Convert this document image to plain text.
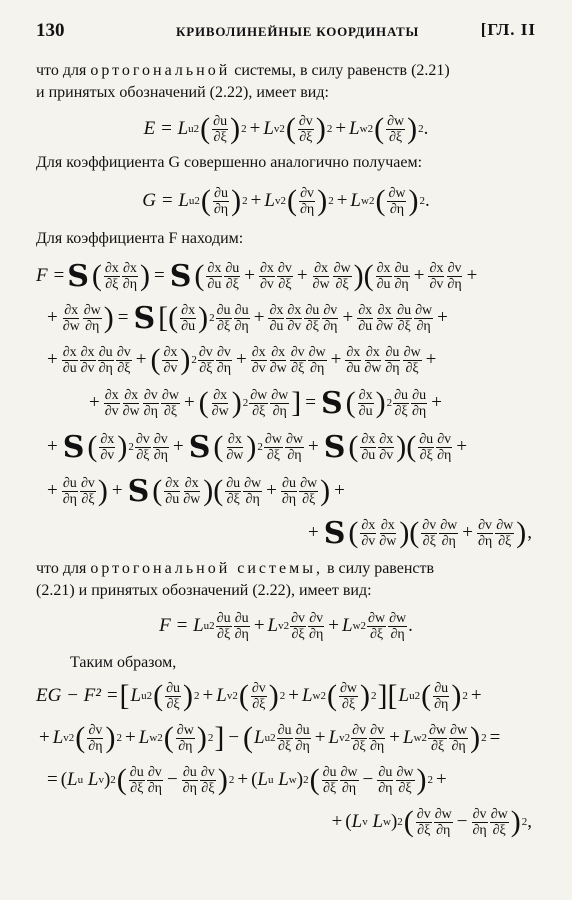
130	КРИВОЛИНЕЙНЫЕ КООРДИНАТЫ	[ГЛ. II
что для ортогональной системы, в силу равенств (2.21)
и принятых обозначений (2.22), имеет вид:
E =
L u 2 ( $\frac{\partial u}{\partial\xi}$ ) 2 + L v 2 ( $\frac{\partial v}{\partial\xi}$ ) 2 + L w 2 ( $\frac{\partial w}{\partial\xi}$ ) 2 .
Для коэффициента G совершенно аналогично получаем:
G =
L u 2 ( $\frac{\partial u}{\partial\eta}$ ) 2 + L v 2 ( $\frac{\partial v}{\partial\eta}$ ) 2 + L w 2 ( $\frac{\partial w}{\partial\eta}$ ) 2 .
Для коэффициента F находим:
F = S ( $\frac{\partial x}{\partial\xi} \frac{\partial x}{\partial\eta}$ ) = S ( $\frac{\partial x}{\partial u} \frac{\partial u}{\partial\xi} + \frac{\partial x}{\partial v} \frac{\partial v}{\partial\xi} + \frac{\partial x}{\partial w} \frac{\partial w}{\partial\xi}$ )( $\frac{\partial x}{\partial u} \frac{\partial u}{\partial\eta} + \frac{\partial x}{\partial v} \frac{\partial v}{\partial\eta}$ +
+ $\frac{\partial x}{\partial w} \frac{\partial w}{\partial\eta}$ ) = S [( $\frac{\partial x}{\partial u}$ ) $2 \frac{\partial u}{\partial\xi} \frac{\partial u}{\partial\eta} + \frac{\partial x}{\partial u} \frac{\partial x}{\partial v} \frac{\partial u}{\partial\xi} \frac{\partial v}{\partial\eta} + \frac{\partial x}{\partial u} \frac{\partial x}{\partial w} \frac{\partial u}{\partial\xi} \frac{\partial w}{\partial\eta}$ +
+ $\frac{\partial x}{\partial u} \frac{\partial x}{\partial v} \frac{\partial u}{\partial\eta} \frac{\partial v}{\partial\xi}$ + ( $\frac{\partial x}{\partial v}$ ) $2 \frac{\partial v}{\partial\xi} \frac{\partial v}{\partial\eta} + \frac{\partial x}{\partial v} \frac{\partial x}{\partial w} \frac{\partial v}{\partial\xi} \frac{\partial w}{\partial\eta} + \frac{\partial x}{\partial u} \frac{\partial x}{\partial w} \frac{\partial u}{\partial\eta} \frac{\partial w}{\partial\xi}$ +
+ $\frac{\partial x}{\partial v} \frac{\partial x}{\partial w} \frac{\partial v}{\partial\eta} \frac{\partial w}{\partial\xi}$ + ( $\frac{\partial x}{\partial w}$ ) $2 \frac{\partial w}{\partial\xi} \frac{\partial w}{\partial\eta}$ ] = S ( $\frac{\partial x}{\partial u}$ ) $2 \frac{\partial u}{\partial\xi} \frac{\partial u}{\partial\eta}$ +
+ S ( $\frac{\partial x}{\partial v}$ ) $2 \frac{\partial v}{\partial\xi} \frac{\partial v}{\partial\eta} + S$ ( $\frac{\partial x}{\partial w}$ ) $2 \frac{\partial w}{\partial\xi} \frac{\partial w}{\partial\eta} + S$ ( $\frac{\partial x}{\partial u} \frac{\partial x}{\partial v}$ )( $\frac{\partial u}{\partial\xi} \frac{\partial v}{\partial\eta}$ +
+ $\frac{\partial u}{\partial\eta} \frac{\partial v}{\partial\xi}$ ) + S ( $\frac{\partial x}{\partial u} \frac{\partial x}{\partial w}$ )( $\frac{\partial u}{\partial\xi} \frac{\partial w}{\partial\eta} + \frac{\partial u}{\partial\eta} \frac{\partial w}{\partial\xi}$ ) +
+ S ( $\frac{\partial x}{\partial v} \frac{\partial x}{\partial w}$ )( $\frac{\partial v}{\partial\xi} \frac{\partial w}{\partial\eta} + \frac{\partial v}{\partial\eta} \frac{\partial w}{\partial\xi}$ ) ,
что для ортогональной системы, в силу равенств
(2.21) и принятых обозначений (2.22), имеет вид:
F =
L u $2 \frac{\partial u}{\partial\xi} \frac{\partial u}{\partial\eta} + L$ v $2 \frac{\partial v}{\partial\xi} \frac{\partial v}{\partial\eta} + L$ w $2 \frac{\partial w}{\partial\xi} \frac{\partial w}{\partial\eta}$ .
Таким образом,
EG − F² = [ L u 2 ( $\frac{\partial u}{\partial\xi}$ ) 2 + L v 2 ( $\frac{\partial v}{\partial\xi}$ ) 2 + L w 2 ( $\frac{\partial w}{\partial\xi}$ ) 2 ][ L u 2 ( $\frac{\partial u}{\partial\eta}$ ) 2 +
+ L v 2 ( $\frac{\partial v}{\partial\eta}$ ) 2 + L w 2 ( $\frac{\partial w}{\partial\eta}$ ) 2 ] − ( L u $2 \frac{\partial u}{\partial\xi} \frac{\partial u}{\partial\eta} + L$ v $2 \frac{\partial v}{\partial\xi} \frac{\partial v}{\partial\eta} + L$ w $2 \frac{\partial w}{\partial\xi} \frac{\partial w}{\partial\eta}$ ) 2 =
= ( L u
L v ) 2 ( $\frac{\partial u}{\partial\xi} \frac{\partial v}{\partial\eta} - \frac{\partial u}{\partial\eta} \frac{\partial v}{\partial\xi}$ ) 2 + ( L u
L w ) 2 ( $\frac{\partial u}{\partial\xi} \frac{\partial w}{\partial\eta} - \frac{\partial u}{\partial\eta} \frac{\partial w}{\partial\xi}$ ) 2 +
+ ( L v
L w ) 2 ( $\frac{\partial v}{\partial\xi} \frac{\partial w}{\partial\eta} - \frac{\partial v}{\partial\eta} \frac{\partial w}{\partial\xi}$ ) 2 ,
